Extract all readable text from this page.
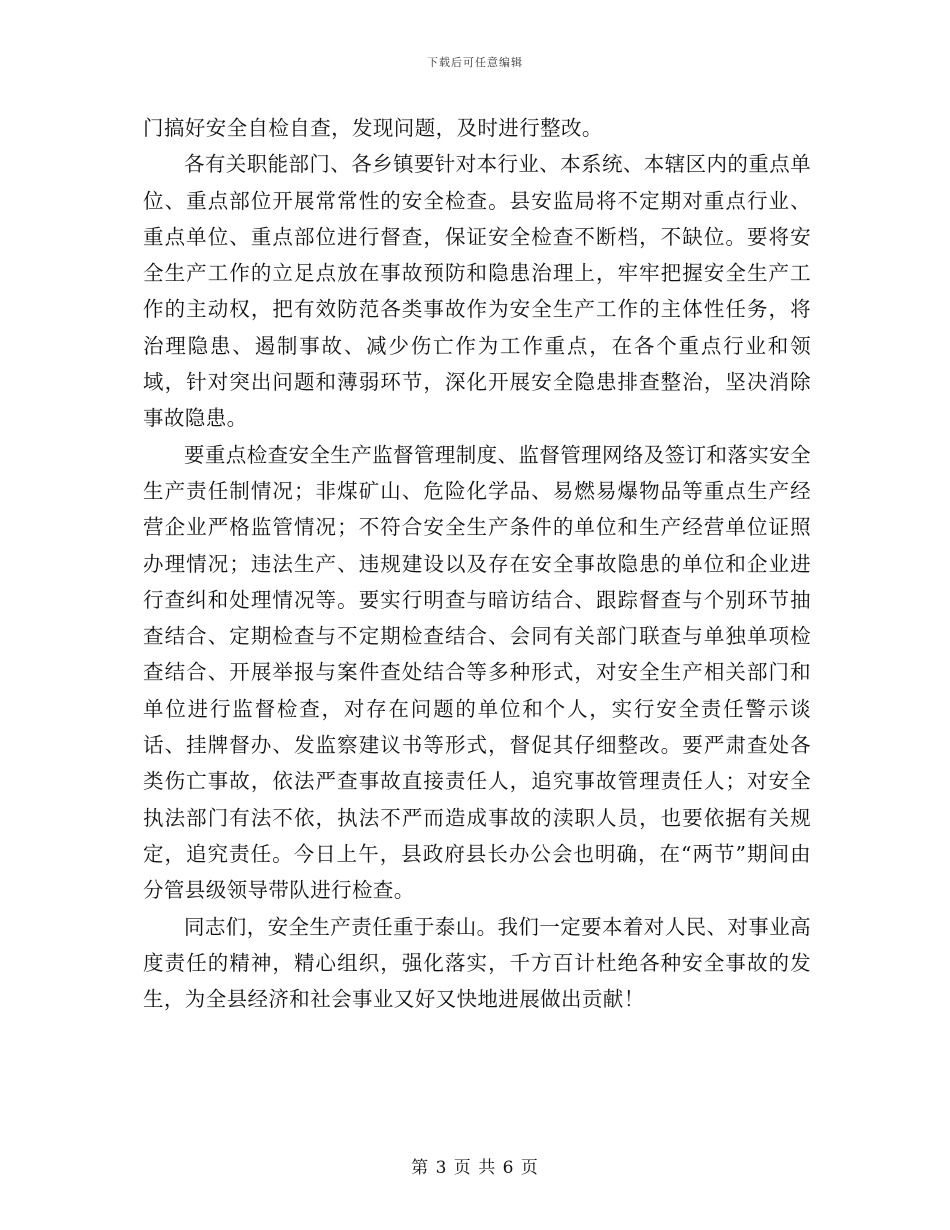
下载后可任意编辑

门搞好安全自检自查，发现问题，及时进行整改。

各有关职能部门、各乡镇要针对本行业、本系统、本辖区内的重点单位、重点部位开展常常性的安全检查。县安监局将不定期对重点行业、重点单位、重点部位进行督查，保证安全检查不断档，不缺位。要将安全生产工作的立足点放在事故预防和隐患治理上，牢牢把握安全生产工作的主动权，把有效防范各类事故作为安全生产工作的主体性任务，将治理隐患、遏制事故、减少伤亡作为工作重点，在各个重点行业和领域，针对突出问题和薄弱环节，深化开展安全隐患排查整治，坚决消除事故隐患。

要重点检查安全生产监督管理制度、监督管理网络及签订和落实安全生产责任制情况；非煤矿山、危险化学品、易燃易爆物品等重点生产经营企业严格监管情况；不符合安全生产条件的单位和生产经营单位证照办理情况；违法生产、违规建设以及存在安全事故隐患的单位和企业进行查纠和处理情况等。要实行明查与暗访结合、跟踪督查与个别环节抽查结合、定期检查与不定期检查结合、会同有关部门联查与单独单项检查结合、开展举报与案件查处结合等多种形式，对安全生产相关部门和单位进行监督检查，对存在问题的单位和个人，实行安全责任警示谈话、挂牌督办、发监察建议书等形式，督促其仔细整改。要严肃查处各类伤亡事故，依法严查事故直接责任人，追究事故管理责任人；对安全执法部门有法不依，执法不严而造成事故的渎职人员，也要依据有关规定，追究责任。今日上午，县政府县长办公会也明确，在“两节”期间由分管县级领导带队进行检查。

同志们，安全生产责任重于泰山。我们一定要本着对人民、对事业高度责任的精神，精心组织，强化落实，千方百计杜绝各种安全事故的发生，为全县经济和社会事业又好又快地进展做出贡献！

第 3 页 共 6 页
